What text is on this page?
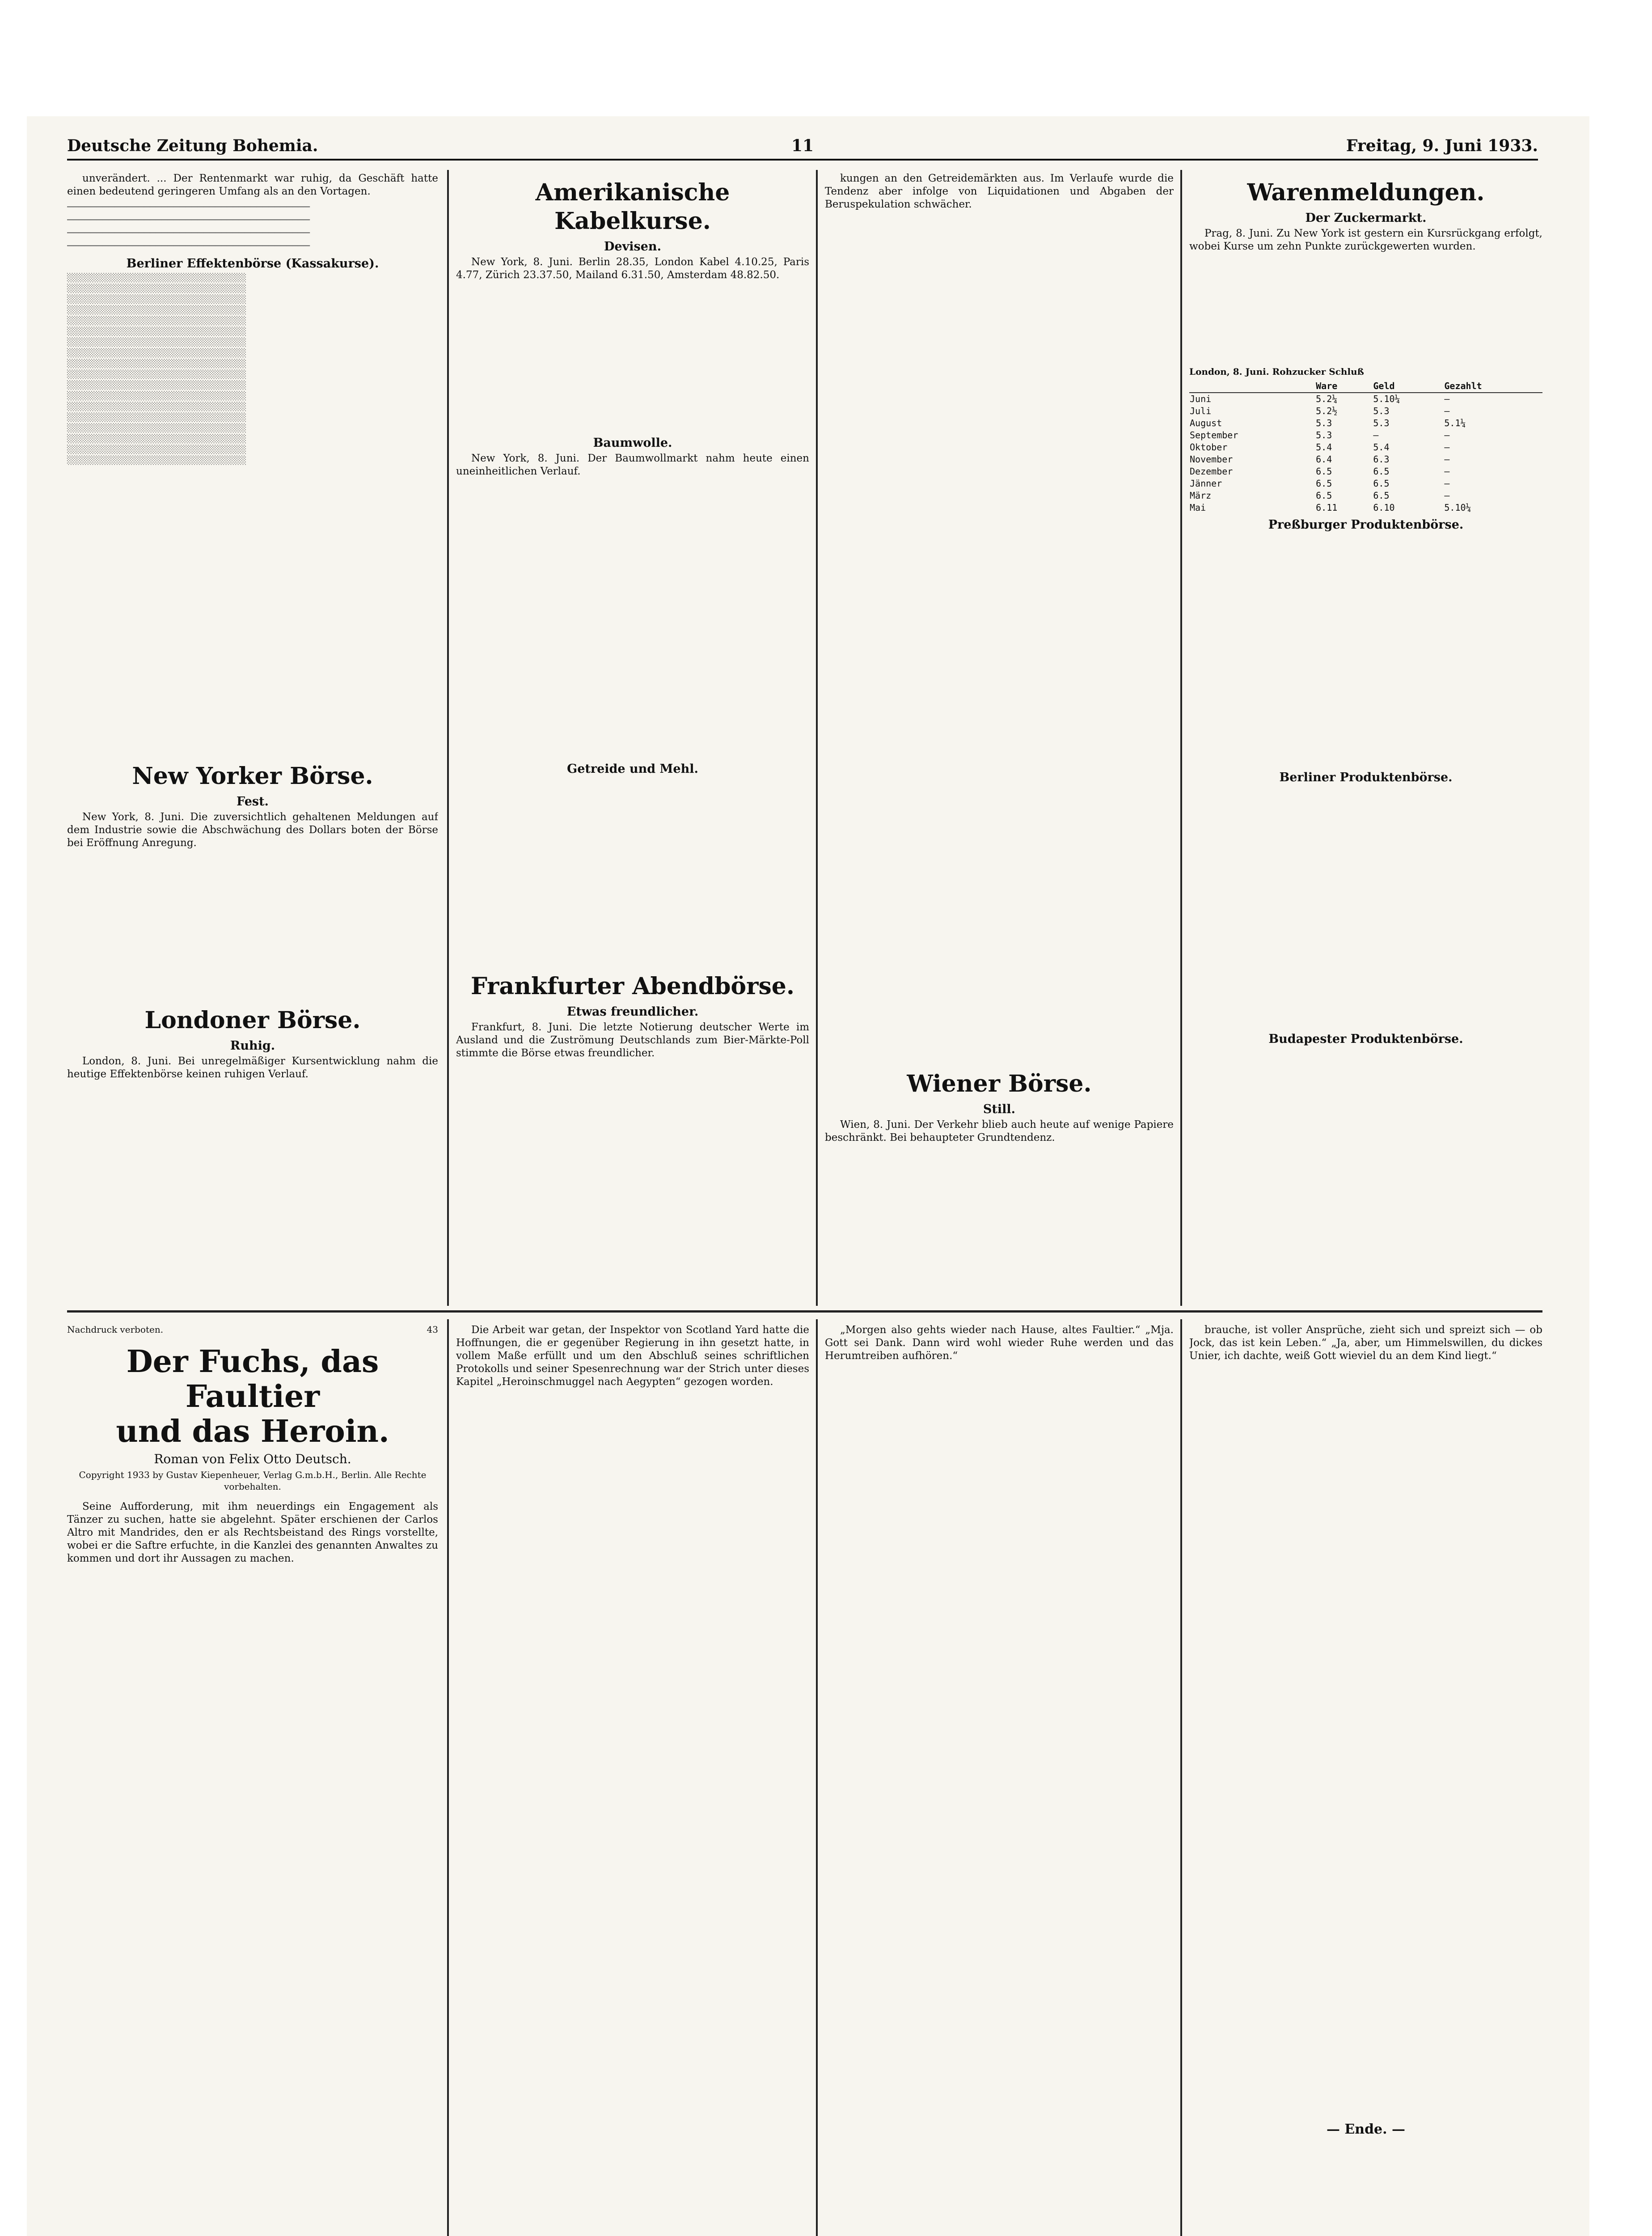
Deutsche Zeitung Bohemia.	11	Freitag, 9. Juni 1933.

unverändert. ... Der Rentenmarkt war ruhig, da Geschäft hatte einen bedeutend geringeren Umfang als an den Vortagen.

─────────────────────────────────────────
─────────────────────────────────────────
─────────────────────────────────────────
─────────────────────────────────────────
Berliner Effektenbörse (Kassakurse).
░░░░░░░░░░░░░░░░░░░░░░░░░░░░░░░░░░░░░
░░░░░░░░░░░░░░░░░░░░░░░░░░░░░░░░░░░░░
░░░░░░░░░░░░░░░░░░░░░░░░░░░░░░░░░░░░░
░░░░░░░░░░░░░░░░░░░░░░░░░░░░░░░░░░░░░
░░░░░░░░░░░░░░░░░░░░░░░░░░░░░░░░░░░░░
░░░░░░░░░░░░░░░░░░░░░░░░░░░░░░░░░░░░░
░░░░░░░░░░░░░░░░░░░░░░░░░░░░░░░░░░░░░
░░░░░░░░░░░░░░░░░░░░░░░░░░░░░░░░░░░░░
░░░░░░░░░░░░░░░░░░░░░░░░░░░░░░░░░░░░░
░░░░░░░░░░░░░░░░░░░░░░░░░░░░░░░░░░░░░
░░░░░░░░░░░░░░░░░░░░░░░░░░░░░░░░░░░░░
░░░░░░░░░░░░░░░░░░░░░░░░░░░░░░░░░░░░░
░░░░░░░░░░░░░░░░░░░░░░░░░░░░░░░░░░░░░
░░░░░░░░░░░░░░░░░░░░░░░░░░░░░░░░░░░░░
░░░░░░░░░░░░░░░░░░░░░░░░░░░░░░░░░░░░░
░░░░░░░░░░░░░░░░░░░░░░░░░░░░░░░░░░░░░
░░░░░░░░░░░░░░░░░░░░░░░░░░░░░░░░░░░░░
░░░░░░░░░░░░░░░░░░░░░░░░░░░░░░░░░░░░░
New Yorker Börse.
Fest.

New York, 8. Juni. Die zuversichtlich gehaltenen Meldungen auf dem Industrie sowie die Abschwächung des Dollars boten der Börse bei Eröffnung Anregung.

Londoner Börse.
Ruhig.

London, 8. Juni. Bei unregelmäßiger Kursentwicklung nahm die heutige Effektenbörse keinen ruhigen Verlauf.

Amerikanische Kabelkurse.
Devisen.

New York, 8. Juni. Berlin 28.35, London Kabel 4.10.25, Paris 4.77, Zürich 23.37.50, Mailand 6.31.50, Amsterdam 48.82.50.

Baumwolle.

New York, 8. Juni. Der Baumwollmarkt nahm heute einen uneinheitlichen Verlauf.

Getreide und Mehl.
Frankfurter Abendbörse.
Etwas freundlicher.

Frankfurt, 8. Juni. Die letzte Notierung deutscher Werte im Ausland und die Zuströmung Deutschlands zum Bier-Märkte-Poll stimmte die Börse etwas freundlicher.

kungen an den Getreidemärkten aus. Im Verlaufe wurde die Tendenz aber infolge von Liquidationen und Abgaben der Beruspekulation schwächer.

Wiener Börse.
Still.

Wien, 8. Juni. Der Verkehr blieb auch heute auf wenige Papiere beschränkt. Bei behaupteter Grundtendenz.

Warenmeldungen.
Der Zuckermarkt.

Prag, 8. Juni. Zu New York ist gestern ein Kursrückgang erfolgt, wobei Kurse um zehn Punkte zurückgewerten wurden.

London, 8. Juni. Rohzucker Schluß
	Ware	Geld	Gezahlt
Juni	5.2¼	5.10¼	—
Juli	5.2½	5.3	—
August	5.3	5.3	5.1¼
September	5.3	—	—
Oktober	5.4	5.4	—
November	6.4	6.3	—
Dezember	6.5	6.5	—
Jänner	6.5	6.5	—
März	6.5	6.5	—
Mai	6.11	6.10	5.10¼
Preßburger Produktenbörse.
Berliner Produktenbörse.
Budapester Produktenbörse.
Nachdruck verboten.	43
Der Fuchs, das Faultier
und das Heroin.
Roman von Felix Otto Deutsch.
Copyright 1933 by Gustav Kiepenheuer, Verlag G.m.b.H., Berlin. Alle Rechte vorbehalten.

Seine Aufforderung, mit ihm neuerdings ein Engagement als Tänzer zu suchen, hatte sie abgelehnt. Später erschienen der Carlos Altro mit Mandrides, den er als Rechtsbeistand des Rings vorstellte, wobei er die Saftre erfuchte, in die Kanzlei des genannten Anwaltes zu kommen und dort ihr Aussagen zu machen.

Die Arbeit war getan, der Inspektor von Scotland Yard hatte die Hoffnungen, die er gegenüber Regierung in ihn gesetzt hatte, in vollem Maße erfüllt und um den Abschluß seines schriftlichen Protokolls und seiner Spesenrechnung war der Strich unter dieses Kapitel „Heroinschmuggel nach Aegypten“ gezogen worden.

„Morgen also gehts wieder nach Hause, altes Faultier.“ „Mja. Gott sei Dank. Dann wird wohl wieder Ruhe werden und das Herumtreiben aufhören.“

brauche, ist voller Ansprüche, zieht sich und spreizt sich — ob Jock, das ist kein Leben.“ „Ja, aber, um Himmelswillen, du dickes Unier, ich dachte, weiß Gott wieviel du an dem Kind liegt.“

— Ende. —
